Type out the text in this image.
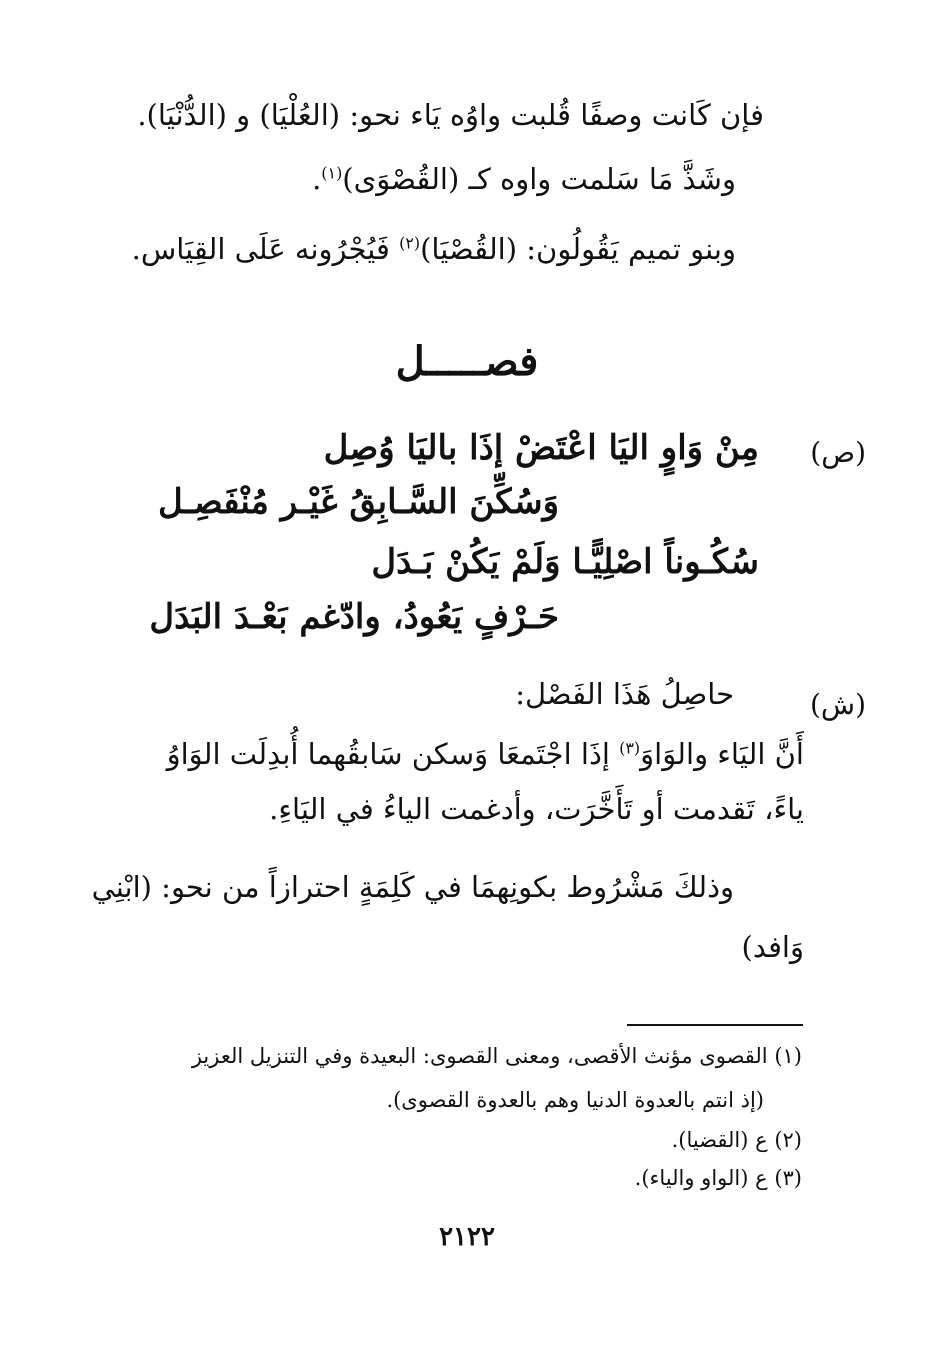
فإن كَانت وصفًا قُلبت واوُه يَاء نحو: (العُلْيَا) و (الدُّنْيَا).
وشَذَّ مَا سَلمت واوه كـ (القُصْوَى)$^{(١)}$.
وبنو تميم يَقُولُون: (القُصْيَا)$^{(٢)}$ فَيُجْرُونه عَلَى القِيَاس.
فصـــــل
(ص)
مِنْ وَاوٍ اليَا اعْتَضْ إذَا باليَا وُصِل
وَسُكِّنَ السَّـابِقُ غَيْـر مُنْفَصِـل
سُكُـوناً اصْلِيًّـا وَلَمْ يَكُنْ بَـدَل
حَـرْفٍ يَعُودُ، وادّغم بَعْـدَ البَدَل
(ش)
حاصِلُ هَذَا الفَصْل:
أَنَّ اليَاء والوَاوَ$^{(٣)}$ إذَا اجْتَمعَا وَسكن سَابقُهما أُبدِلَت الوَاوُ
ياءً، تَقدمت أو تَأَخَّرَت، وأدغمت الياءُ في اليَاءِ.
وذلكَ مَشْرُوط بكونِهمَا في كَلِمَةٍ احترازاً من نحو: (ابْنِي
وَافد)
(١) القصوى مؤنث الأقصى، ومعنى القصوى: البعيدة وفي التنزيل العزيز
(إذ انتم بالعدوة الدنيا وهم بالعدوة القصوى).
(٢) ع (القضيا).
(٣) ع (الواو والياء).
٢١٢٢
